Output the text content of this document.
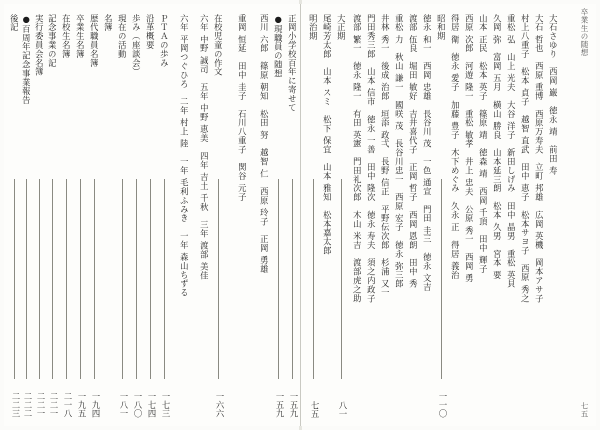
二二三
後記
二二二
●百周年記念事業報告
二二一
実行委員会名簿
二二一
記念事業の記
二一八
在校生名簿
一九五
卒業生名簿
一九四
歴代職員名簿 名簿
一八一
現在の活動
一八〇
歩み（座談会）
一七四
沿革概要
一七三
ＰＴＡの歩み 六年 平岡つぐひろ　二年 村上 陸　一年 毛利ふみき　一年 森山ちずる 六年 中野 誠司　五年 中野 恵美　四年 吉土 千秋　三年 渡部 美佳
一六六
在校児童の作文 重岡 恒延　田中 圭子　石川八重子　関谷 元子 西川 六郎　篠原 朝知　松田 努　越智 仁　西原 玲子　正岡 勇雄
一五九
●現職員の随想
一五九
正岡小学校百年に寄せて	卒業生の随想
七五
七五
明治期 尾崎芳太郎　山本 スミ　松下 保宜　山本 雅知　松本嘉太郎
八一
大正期 渡部 繁一　徳永 隆一　有田 英憲　門田礼次郎　木山 米吉　渡部虎之助 門田秀三郎　山本 信市　徳永 一善　田中 隆次　徳永 寿夫　須之内政子 井林 秀一　後成 治郎　垣添 政弌　長野 信正　平野伝次郎　杉浦 又一 重松 力　秋山 謙一　國咲 茂　長谷川忠一　西原 宏子　徳永 弥三郎 渡部 伍良　堀田 敏好　吉井喜代子　正岡 哲子　西岡 恩朗　田中 秀 徳永 和一　西岡 忠雄　長谷川 茂　一色 通宣　門田 圭三　徳永 文吉
一一〇
昭和期 得居 衛　徳永 愛子　加藤 豊子　木下めぐみ　久永 正　得居 義治 西原 次郎　河遊 隆一　重松 敏孝　井上 忠夫　公原 秀一　西岡 勇 山本 正民　松本 英子　篠原 靖　徳森 靖　西岡 千頂　田中 輝子 久岡 弥　富岡 五月　横山 勝良　山本延三朗　松本 久男　宮本 要 重松 弘　山上 光夫　大谷 洋子　新田しげみ　田中 晶男　重松 英貝 村上八重子　松本 貞子　越智 直武　田中 恵子　松本サヨ子　西原 秀之 大石 哲也　西原 重博　西原万寿夫　立町 邦雄　広岡 英機　岡本アサ子 大石さゆり　西岡 巌　徳永 靖　前田 寿
